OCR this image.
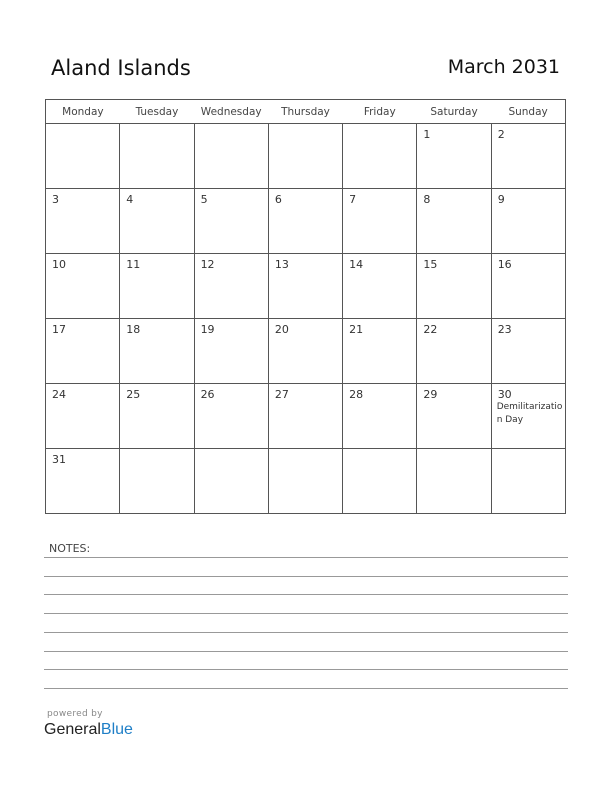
Aland Islands	March 2031
Monday	Tuesday	Wednesday	Thursday	Friday	Saturday	Sunday

					1	2

3	4	5	6	7	8	9

10	11	12	13	14	15	16

17	18	19	20	21	22	23

24	25	26	27	28	29	30
Demilitarization Day

31						

NOTES:
powered by
GeneralBlue
